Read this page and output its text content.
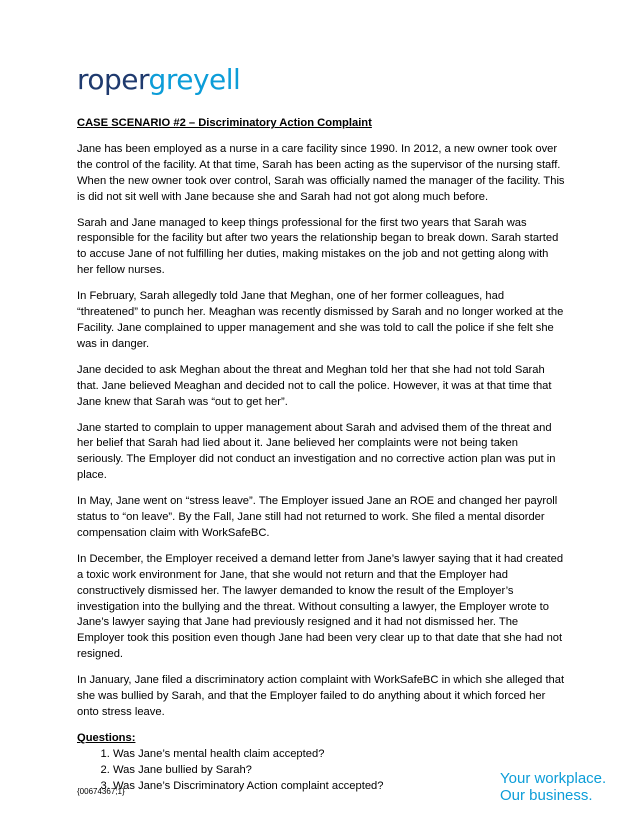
ropergreyell

CASE SCENARIO #2 – Discriminatory Action Complaint

Jane has been employed as a nurse in a care facility since 1990. In 2012, a new owner took over the control of the facility. At that time, Sarah has been acting as the supervisor of the nursing staff. When the new owner took over control, Sarah was officially named the manager of the facility. This is did not sit well with Jane because she and Sarah had not got along much before.

Sarah and Jane managed to keep things professional for the first two years that Sarah was responsible for the facility but after two years the relationship began to break down. Sarah started to accuse Jane of not fulfilling her duties, making mistakes on the job and not getting along with her fellow nurses.

In February, Sarah allegedly told Jane that Meghan, one of her former colleagues, had “threatened” to punch her. Meaghan was recently dismissed by Sarah and no longer worked at the Facility. Jane complained to upper management and she was told to call the police if she felt she was in danger.

Jane decided to ask Meghan about the threat and Meghan told her that she had not told Sarah that. Jane believed Meaghan and decided not to call the police. However, it was at that time that Jane knew that Sarah was “out to get her”.

Jane started to complain to upper management about Sarah and advised them of the threat and her belief that Sarah had lied about it. Jane believed her complaints were not being taken seriously. The Employer did not conduct an investigation and no corrective action plan was put in place.

In May, Jane went on “stress leave”. The Employer issued Jane an ROE and changed her payroll status to “on leave”. By the Fall, Jane still had not returned to work. She filed a mental disorder compensation claim with WorkSafeBC.

In December, the Employer received a demand letter from Jane’s lawyer saying that it had created a toxic work environment for Jane, that she would not return and that the Employer had constructively dismissed her. The lawyer demanded to know the result of the Employer’s investigation into the bullying and the threat. Without consulting a lawyer, the Employer wrote to Jane’s lawyer saying that Jane had previously resigned and it had not dismissed her. The Employer took this position even though Jane had been very clear up to that date that she had not resigned.

In January, Jane filed a discriminatory action complaint with WorkSafeBC in which she alleged that she was bullied by Sarah, and that the Employer failed to do anything about it which forced her onto stress leave.

Questions:

1. Was Jane’s mental health claim accepted?
2. Was Jane bullied by Sarah?
3. Was Jane’s Discriminatory Action complaint accepted?
{00674367;1}
Your workplace.
Our business.
